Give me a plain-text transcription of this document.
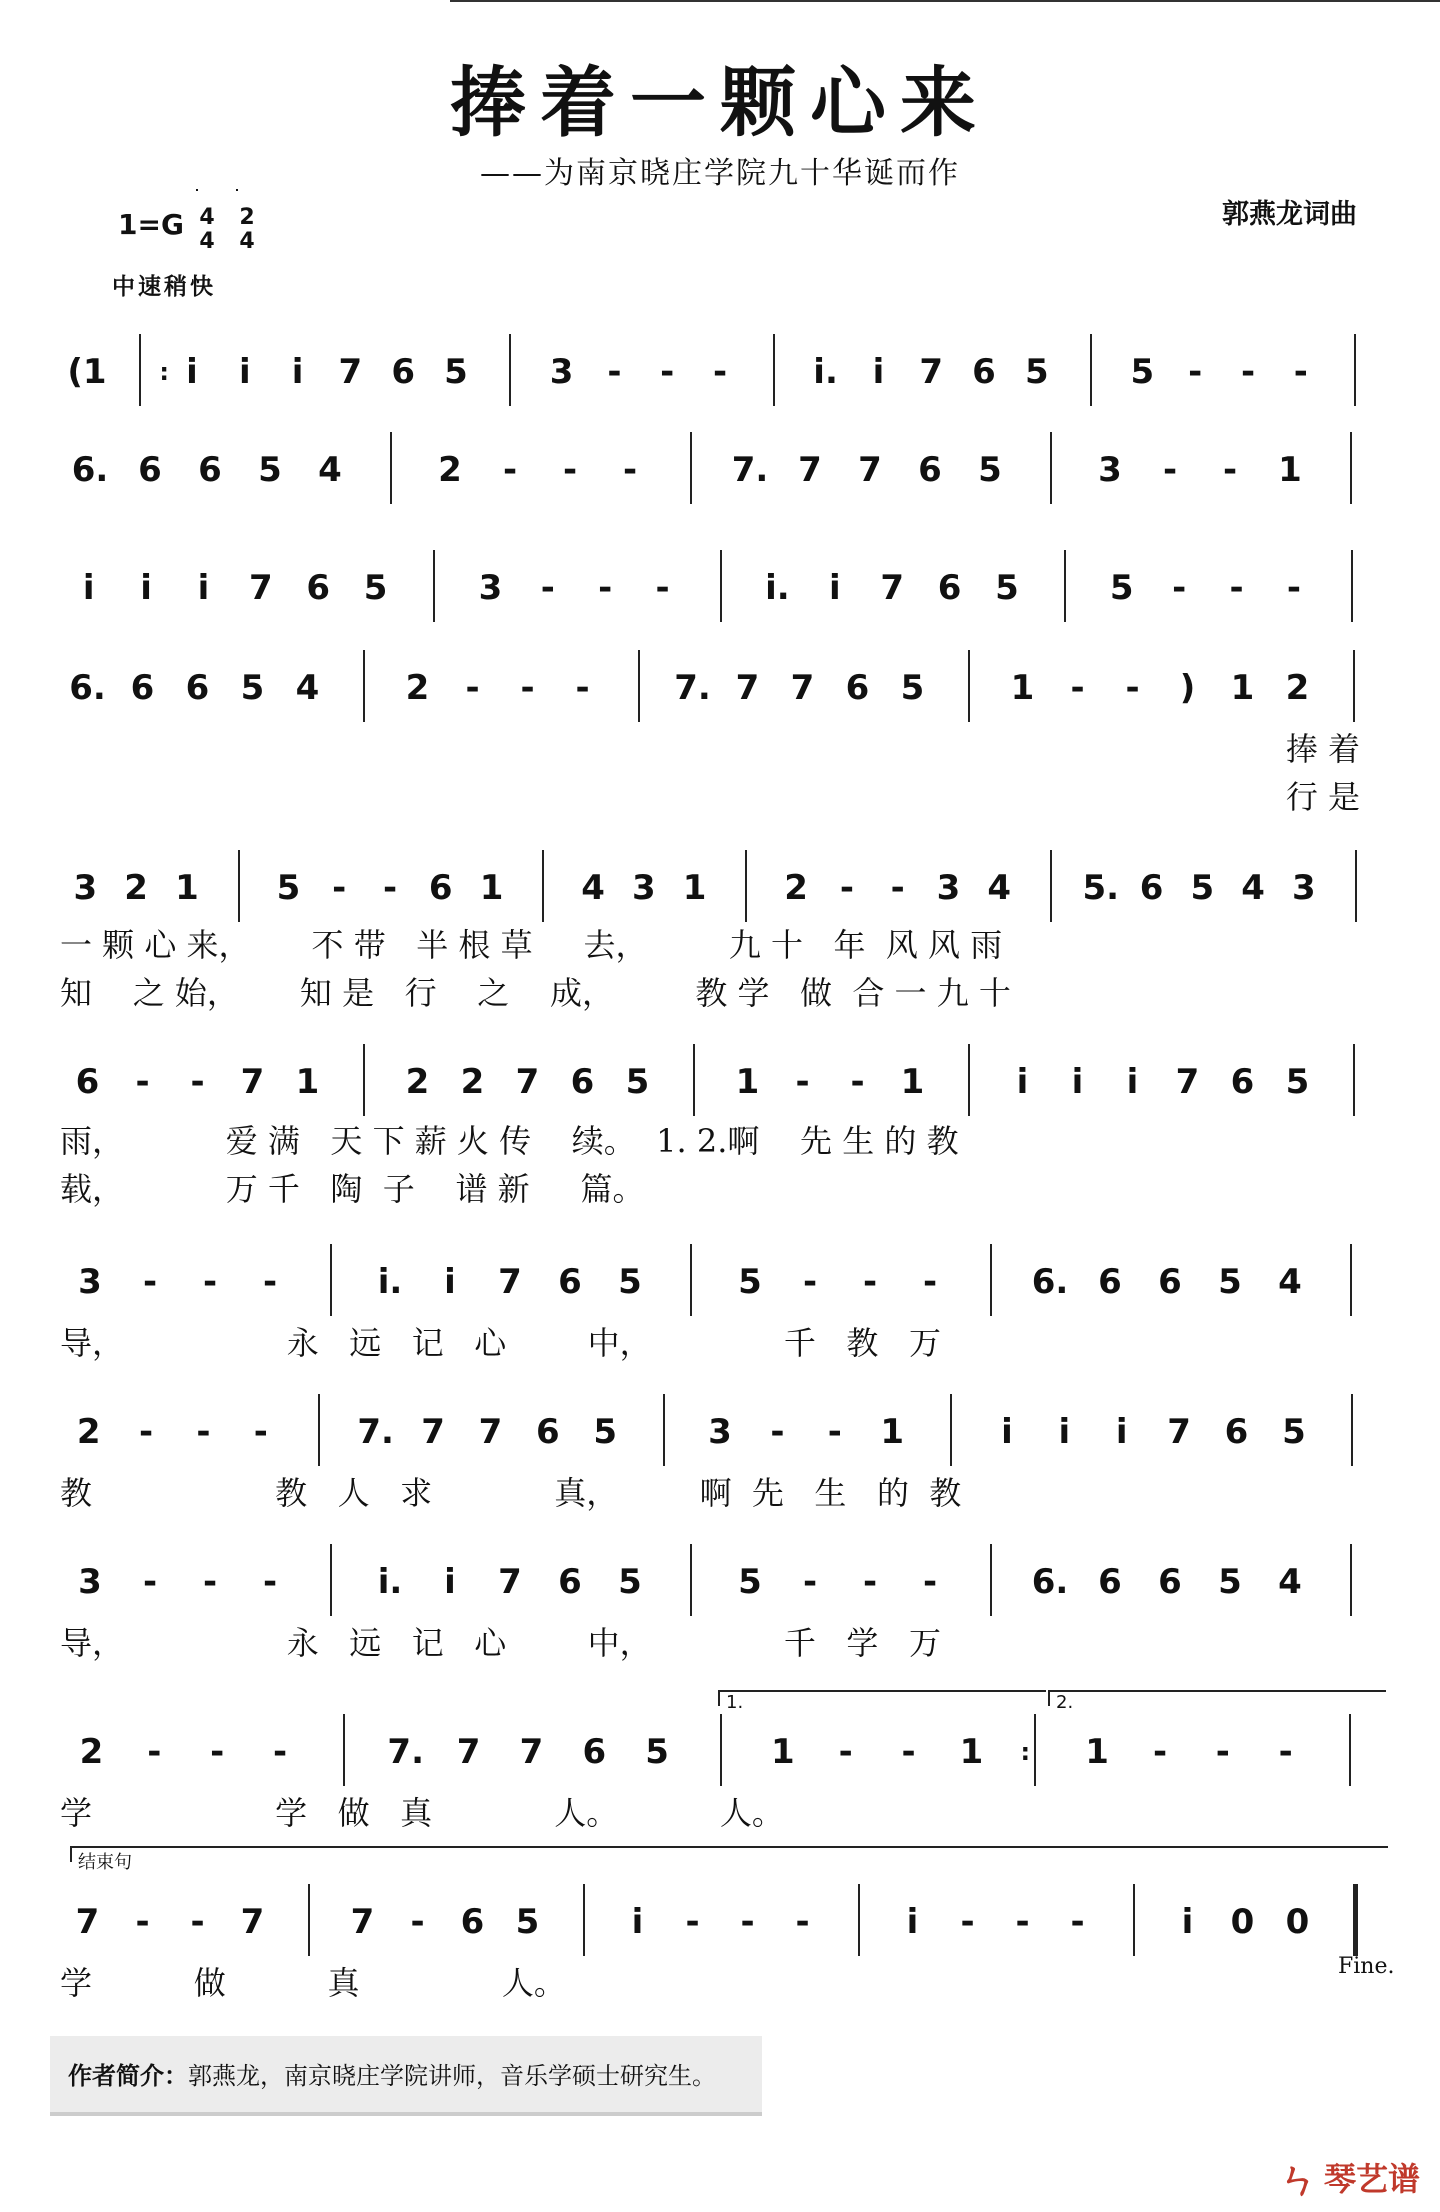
捧着一颗心来
——为南京晓庄学院九十华诞而作
郭燕龙词曲
1=G 4
4
2
4
中速稍快
(1	: i	i	i	7 6 5 3 -	-	-	i.	i	7 6 5 5 -	-	-
6. 6 6 5 4	2	-	-	-	7. 7 7 6 5	3	-	-	1
i	i	i	7 6 5	3	-	-	-	i.	i	7 6 5	5	-	-	-
6. 6 6 5 4	2	-	-	-	7. 7 7 6 5	1	-	-	)	1 2
3 2 1 5 -	- 6 1 4 3 1 2 -	- 3 4 5. 6 5 4 3
6	-	-	7 1	2 2 7 6 5	1	-	-	1	i	i	i	7 6 5
3	-	-	-	i.	i	7 6 5	5	-	-	-	6. 6 6 5 4
2	-	-	-	7. 7 7 6 5	3	-	-	1	i	i	i	7 6 5
3	-	-	-	i.	i	7 6 5	5	-	-	-	6. 6 6 5 4
2	-	-	-	7. 7 7 6 5	1	-	-	1	:	1	-	-	-
7	-	-	7	7	-	6 5	i	-	-	-	i	-	-	-	i	0 0
捧 着
行 是
一 颗 心 来，      不 带   半 根 草     去，        九 十   年  风 风 雨
知    之 始，      知 是   行    之    成，        教 学   做  合 一 九 十
雨，          爱 满   天 下 薪 火 传    续。  1. 2.啊    先 生 的 教
载，          万 千   陶  子    谱 新     篇。
导，                永   远   记   心        中，             千   教   万
教                  教   人   求            真，        啊  先   生   的  教
导，                永   远   记   心        中，             千   学   万
学                  学   做   真            人。          人。
学          做          真              人。
1.	2.
结束句
Fine.
作者简介：郭燕龙，南京晓庄学院讲师，音乐学硕士研究生。
ㄣ 琴艺谱
